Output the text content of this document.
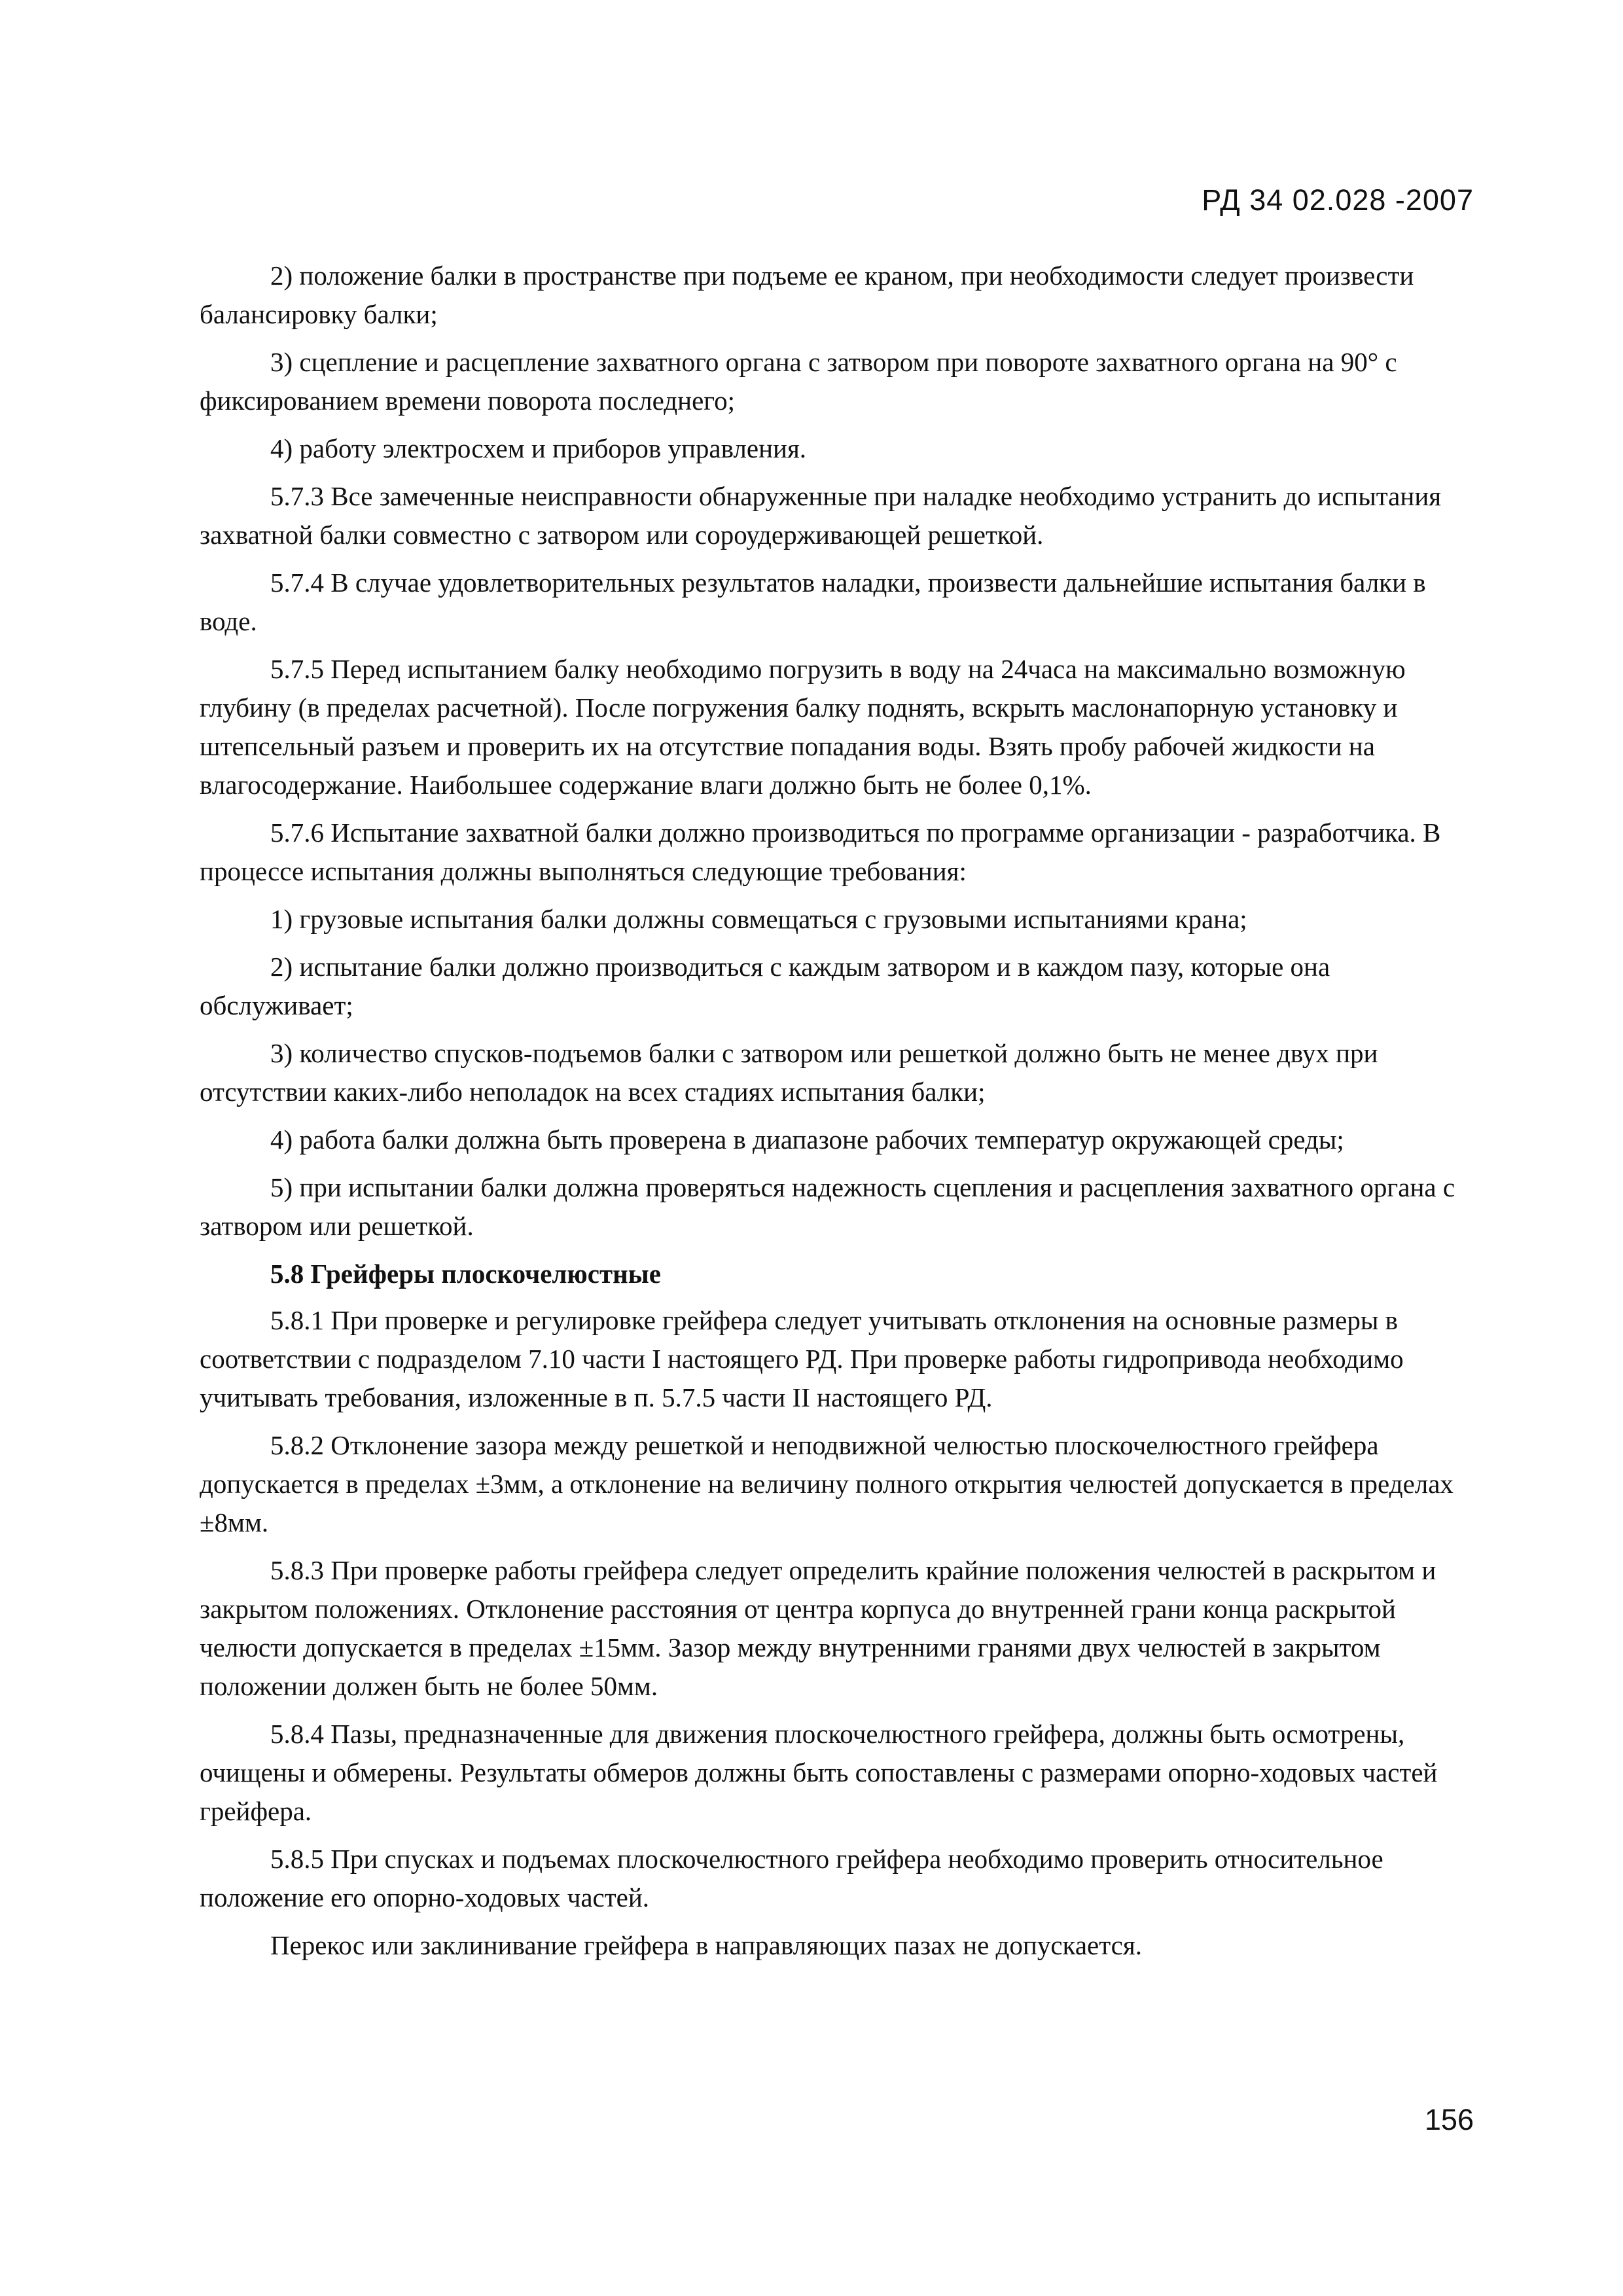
РД 34 02.028 -2007

2) положение балки в пространстве при подъеме ее краном, при необходимости следует произвести балансировку балки;

3) сцепление и расцепление захватного органа с затвором при повороте захватного органа на 90° с фиксированием времени поворота последнего;

4) работу электросхем и приборов управления.

5.7.3 Все замеченные неисправности обнаруженные при наладке необходимо устранить до испытания захватной балки совместно с затвором или сороудерживающей решеткой.

5.7.4 В случае удовлетворительных результатов наладки, произвести дальнейшие испытания балки в воде.

5.7.5 Перед испытанием балку необходимо погрузить в воду на 24часа на максимально возможную глубину (в пределах расчетной). После погружения балку поднять, вскрыть маслонапорную установку и штепсельный разъем и проверить их на отсутствие попадания воды. Взять пробу рабочей жидкости на влагосодержание. Наибольшее содержание влаги должно быть не более 0,1%.

5.7.6 Испытание захватной балки должно производиться по программе организации - разработчика. В процессе испытания должны выполняться следующие требования:

1) грузовые испытания балки должны совмещаться с грузовыми испытаниями крана;

2) испытание балки должно производиться с каждым затвором и в каждом пазу, которые она обслуживает;

3) количество спусков-подъемов балки с затвором или решеткой должно быть не менее двух при отсутствии каких-либо неполадок на всех стадиях испытания балки;

4) работа балки должна быть проверена в диапазоне рабочих температур окружающей среды;

5) при испытании балки должна проверяться надежность сцепления и расцепления захватного органа с затвором или решеткой.

5.8 Грейферы плоскочелюстные

5.8.1 При проверке и регулировке грейфера следует учитывать отклонения на основные размеры в соответствии с подразделом 7.10 части I настоящего РД. При проверке работы гидропривода необходимо учитывать требования, изложенные в п. 5.7.5 части II настоящего РД.

5.8.2 Отклонение зазора между решеткой и неподвижной челюстью плоскочелюстного грейфера допускается в пределах ±3мм, а отклонение на величину полного открытия челюстей допускается в пределах ±8мм.

5.8.3 При проверке работы грейфера следует определить крайние положения челюстей в раскрытом и закрытом положениях. Отклонение расстояния от центра корпуса до внутренней грани конца раскрытой челюсти допускается в пределах ±15мм. Зазор между внутренними гранями двух челюстей в закрытом положении должен быть не более 50мм.

5.8.4 Пазы, предназначенные для движения плоскочелюстного грейфера, должны быть осмотрены, очищены и обмерены. Результаты обмеров должны быть сопоставлены с размерами опорно-ходовых частей грейфера.

5.8.5 При спусках и подъемах плоскочелюстного грейфера необходимо проверить относительное положение его опорно-ходовых частей.

Перекос или заклинивание грейфера в направляющих пазах не допускается.

156
